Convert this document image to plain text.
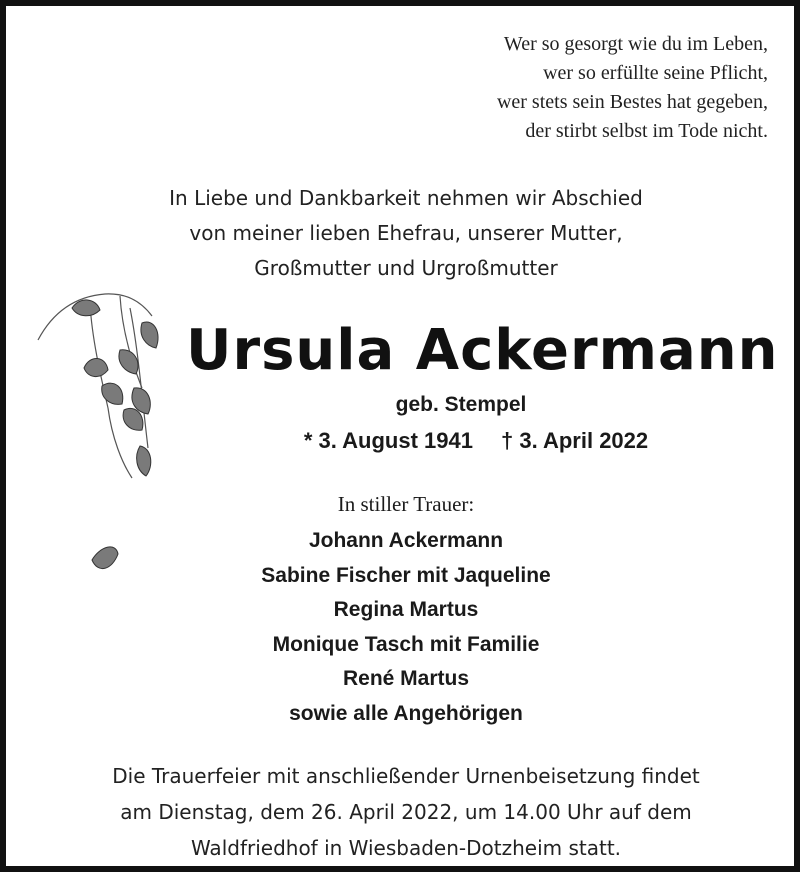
Wer so gesorgt wie du im Leben,
wer so erfüllte seine Pflicht,
wer stets sein Bestes hat gegeben,
der stirbt selbst im Tode nicht.
In Liebe und Dankbarkeit nehmen wir Abschied
von meiner lieben Ehefrau, unserer Mutter,
Großmutter und Urgroßmutter
Ursula Ackermann
geb. Stempel
* 3. August 1941 † 3. April 2022
In stiller Trauer:
Johann Ackermann
Sabine Fischer mit Jaqueline
Regina Martus
Monique Tasch mit Familie
René Martus
sowie alle Angehörigen
Die Trauerfeier mit anschließender Urnenbeisetzung findet
am Dienstag, dem 26. April 2022, um 14.00 Uhr auf dem
Waldfriedhof in Wiesbaden-Dotzheim statt.
